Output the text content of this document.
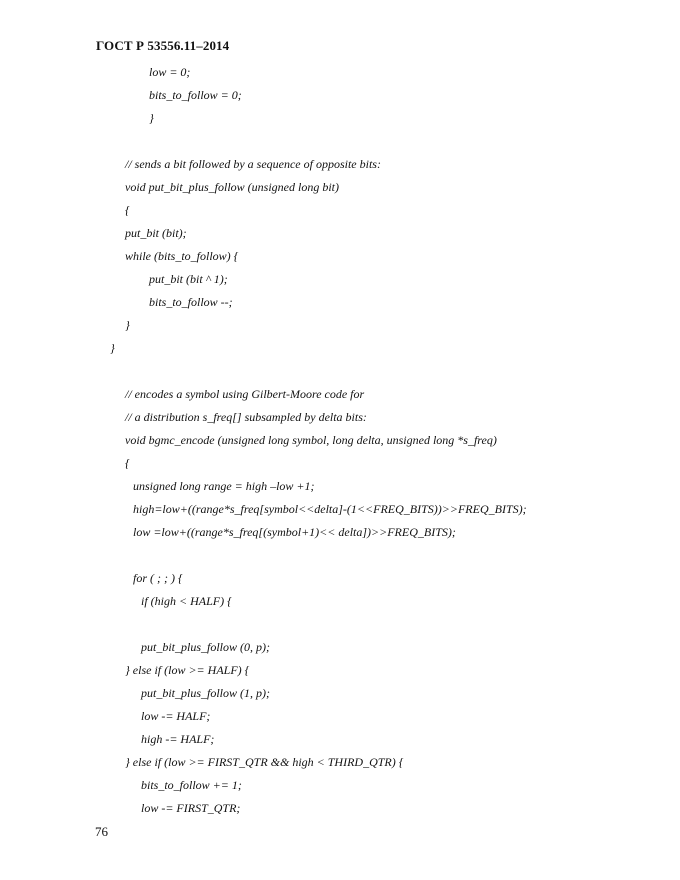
ГОСТ Р 53556.11–2014
low = 0;
bits_to_follow = 0;
}
// sends a bit followed by a sequence of opposite bits:
void put_bit_plus_follow (unsigned long bit)
{
put_bit (bit);
while (bits_to_follow) {
put_bit (bit ^ 1);
bits_to_follow --;
}
}
// encodes a symbol using Gilbert-Moore code for
// a distribution s_freq[] subsampled by delta bits:
void bgmc_encode (unsigned long symbol, long delta, unsigned long *s_freq)
{
unsigned long range = high –low +1;
high=low+((range*s_freq[symbol<<delta]-(1<<FREQ_BITS))>>FREQ_BITS);
low =low+((range*s_freq[(symbol+1)<< delta])>>FREQ_BITS);
for ( ; ; ) {
if (high < HALF) {
put_bit_plus_follow (0, p);
} else if (low >= HALF) {
put_bit_plus_follow (1, p);
low -= HALF;
high -= HALF;
} else if (low >= FIRST_QTR && high < THIRD_QTR) {
bits_to_follow += 1;
low -= FIRST_QTR;
76
